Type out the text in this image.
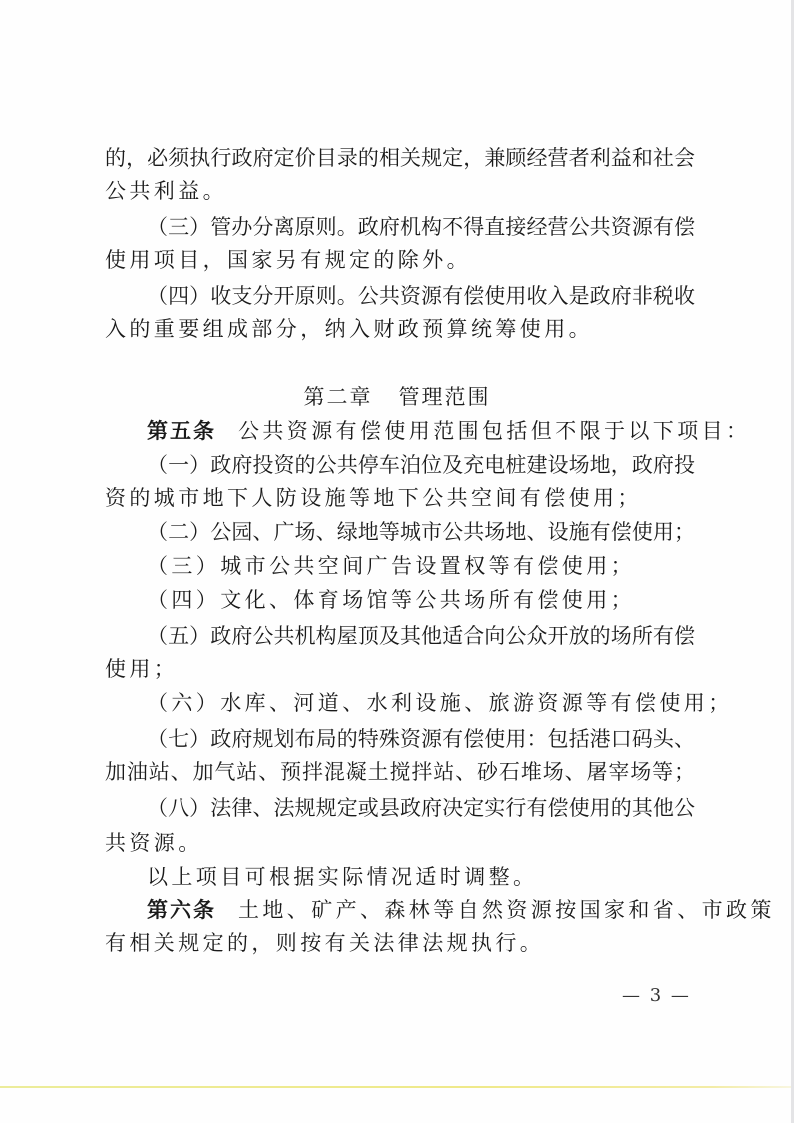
的，必须执行政府定价目录的相关规定，兼顾经营者利益和社会
公共利益。
（三）管办分离原则。政府机构不得直接经营公共资源有偿
使用项目，国家另有规定的除外。
（四）收支分开原则。公共资源有偿使用收入是政府非税收
入的重要组成部分，纳入财政预算统筹使用。
第二章 管理范围
第五条 公共资源有偿使用范围包括但不限于以下项目：
（一）政府投资的公共停车泊位及充电桩建设场地，政府投
资的城市地下人防设施等地下公共空间有偿使用；
（二）公园、广场、绿地等城市公共场地、设施有偿使用；
（三）城市公共空间广告设置权等有偿使用；
（四）文化、体育场馆等公共场所有偿使用；
（五）政府公共机构屋顶及其他适合向公众开放的场所有偿
使用；
（六）水库、河道、水利设施、旅游资源等有偿使用；
（七）政府规划布局的特殊资源有偿使用：包括港口码头、
加油站、加气站、预拌混凝土搅拌站、砂石堆场、屠宰场等；
（八）法律、法规规定或县政府决定实行有偿使用的其他公
共资源。
以上项目可根据实际情况适时调整。
第六条 土地、矿产、森林等自然资源按国家和省、市政策
有相关规定的，则按有关法律法规执行。
— 3 —
